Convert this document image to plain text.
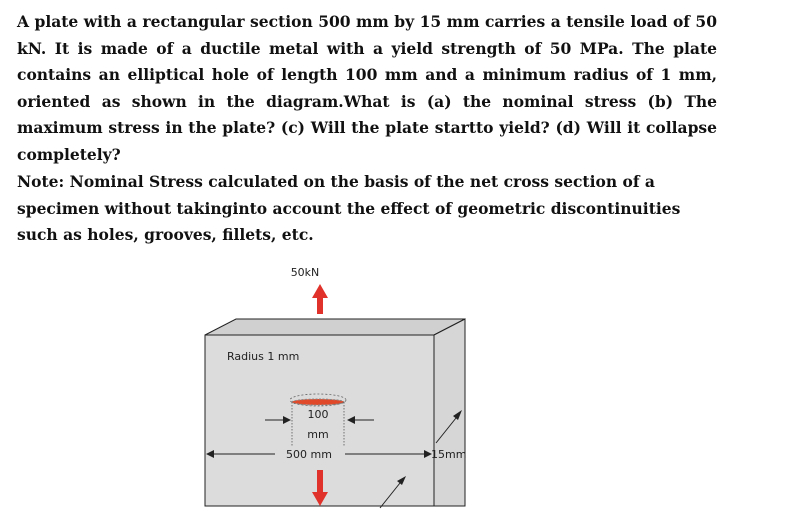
A plate with a rectangular section 500 mm by 15 mm carries a tensile load of 50 kN. It is made of a ductile metal with a yield strength of 50 MPa. The plate contains an elliptical hole of length 100 mm and a minimum radius of 1 mm, oriented as shown in the diagram.What is (a) the nominal stress (b) The maximum stress in the plate? (c) Will the plate startto yield? (d) Will it collapse completely?

Note: Nominal Stress calculated on the basis of the net cross section of a specimen without takinginto account the effect of geometric discontinuities such as holes, grooves, fillets, etc.

50kN
Radius 1 mm
100
mm
500 mm	15mm
